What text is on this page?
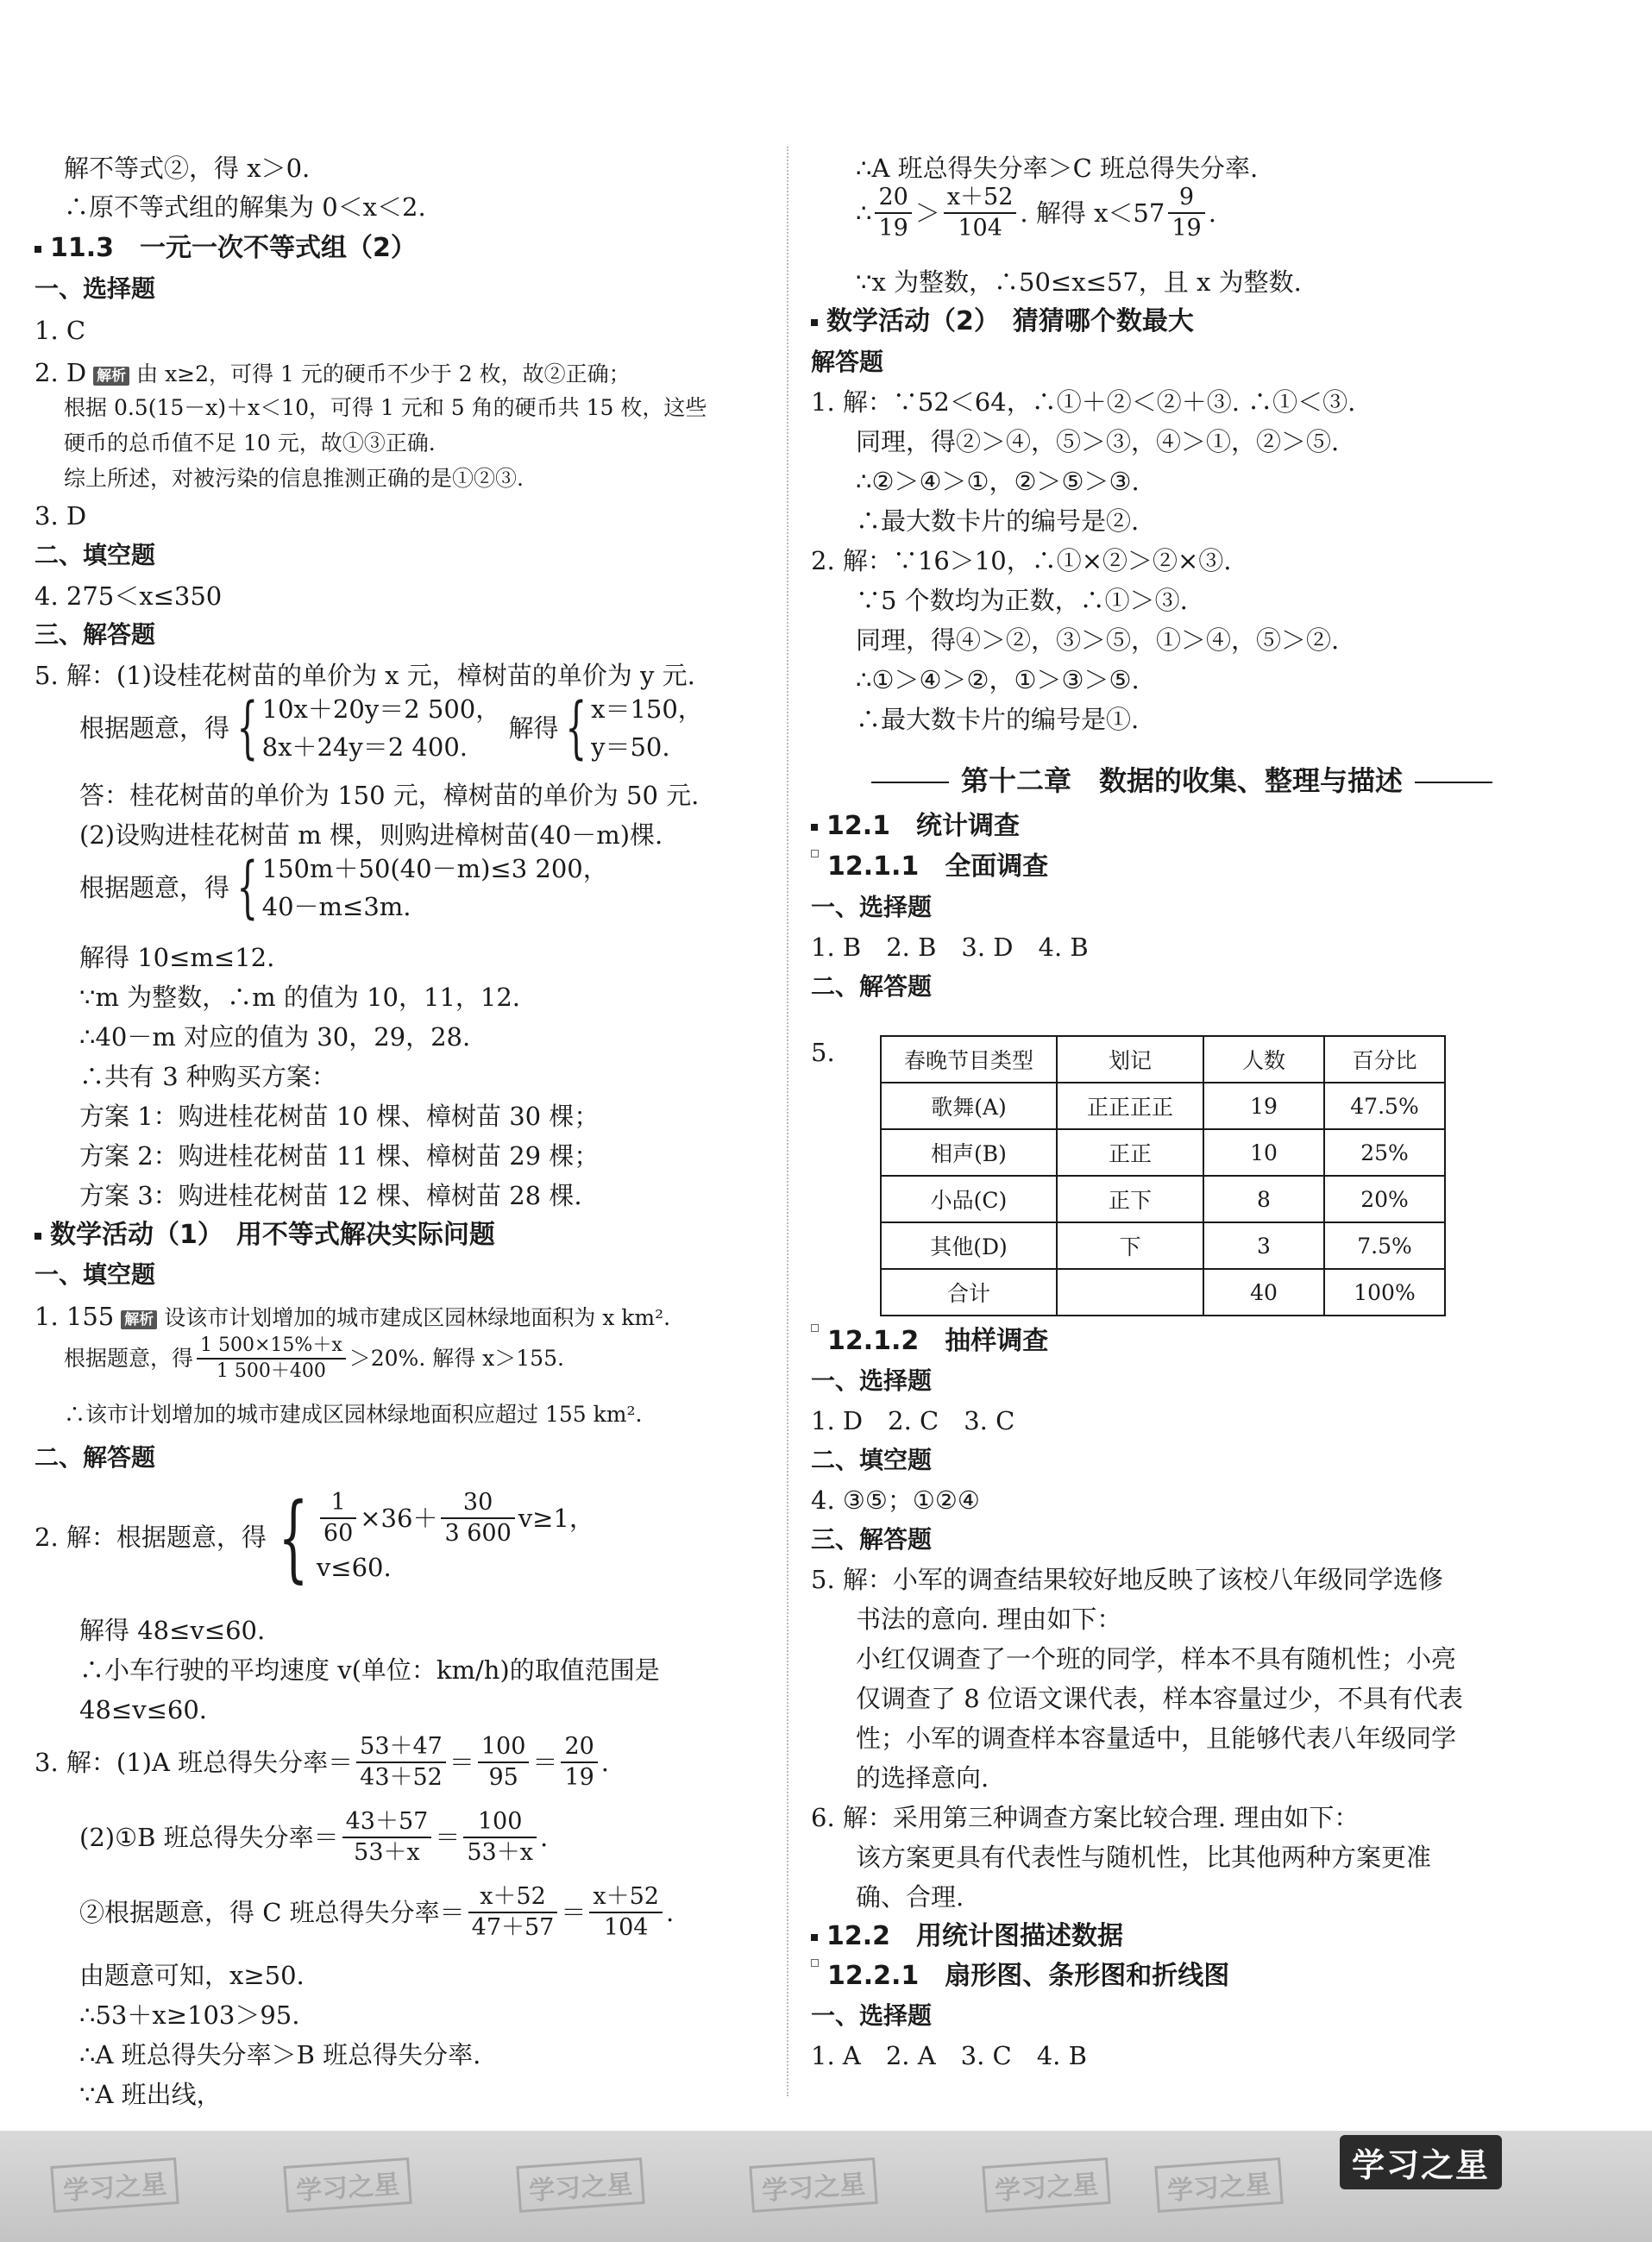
解不等式②，得 x＞0.
∴原不等式组的解集为 0＜x＜2.
11.3　一元一次不等式组（2）
一、选择题
1. C
2. D 解析 由 x≥2，可得 1 元的硬币不少于 2 枚，故②正确；
根据 0.5(15－x)＋x＜10，可得 1 元和 5 角的硬币共 15 枚，这些
硬币的总币值不足 10 元，故①③正确.
综上所述，对被污染的信息推测正确的是①②③.
3. D
二、填空题
4. 275＜x≤350
三、解答题
5. 解：(1)设桂花树苗的单价为 x 元，樟树苗的单价为 y 元.
根据题意，得 { 10x＋20y＝2 500，
8x＋24y＝2 400.
解得 { x＝150，
y＝50.
答：桂花树苗的单价为 150 元，樟树苗的单价为 50 元.
(2)设购进桂花树苗 m 棵，则购进樟树苗(40－m)棵.
根据题意，得 { 150m＋50(40－m)≤3 200，
40－m≤3m.
解得 10≤m≤12.
∵m 为整数，∴m 的值为 10，11，12.
∴40－m 对应的值为 30，29，28.
∴共有 3 种购买方案：
方案 1：购进桂花树苗 10 棵、樟树苗 30 棵；
方案 2：购进桂花树苗 11 棵、樟树苗 29 棵；
方案 3：购进桂花树苗 12 棵、樟树苗 28 棵.
数学活动（1）　用不等式解决实际问题
一、填空题
1. 155 解析 设该市计划增加的城市建成区园林绿地面积为 x km².
根据题意，得 $\frac{1 500\times 15\%+x}{1 500+400} >20\%$. 解得 x＞155.
∴该市计划增加的城市建成区园林绿地面积应超过 155 km².
二、解答题
2. 解：根据题意，得 { $\frac{1}{60} \times 36+ \frac{30}{3 600} v\ge 1$，
v≤60.
解得 48≤v≤60.
∴小车行驶的平均速度 v(单位：km/h)的取值范围是
48≤v≤60.
3. 解：(1)A 班总得失分率＝ $\frac{53+47}{43+52} = \frac{100}{95} = \frac{20}{19}$ .
(2)①B 班总得失分率＝ $\frac{43+57}{53+x} = \frac{100}{53+x}$ .
②根据题意，得 C 班总得失分率＝ $\frac{x+52}{47+57} = \frac{x+52}{104}$ .
由题意可知，x≥50.
∴53＋x≥103＞95.
∴A 班总得失分率＞B 班总得失分率.
∵A 班出线，
∴A 班总得失分率＞C 班总得失分率.
∴ $\frac{20}{19} > \frac{x+52}{104}$ . 解得 $x<57 \frac{9}{19}$ .
∵x 为整数，∴50≤x≤57，且 x 为整数.
数学活动（2）　猜猜哪个数最大
解答题
1. 解：∵52＜64，∴①＋②＜②＋③. ∴①＜③.
同理，得②＞④，⑤＞③，④＞①，②＞⑤.
∴②＞④＞①，②＞⑤＞③.
∴最大数卡片的编号是②.
2. 解：∵16＞10，∴①×②＞②×③.
∵5 个数均为正数，∴①＞③.
同理，得④＞②，③＞⑤，①＞④，⑤＞②.
∴①＞④＞②，①＞③＞⑤.
∴最大数卡片的编号是①.
第十二章　数据的收集、整理与描述
12.1　统计调查
12.1.1　全面调查
一、选择题
1. B　2. B　3. D　4. B
二、解答题
5.	春晚节目类型	划记	人数	百分比
歌舞(A)	正正正正	19	47.5%
相声(B)	正正	10	25%
小品(C)	正下	8	20%
其他(D)	下	3	7.5%
合计		40	100%
12.1.2　抽样调查
一、选择题
1. D　2. C　3. C
二、填空题
4. ③⑤；①②④
三、解答题
5. 解：小军的调查结果较好地反映了该校八年级同学选修
书法的意向. 理由如下：
小红仅调查了一个班的同学，样本不具有随机性；小亮
仅调查了 8 位语文课代表，样本容量过少，不具有代表
性；小军的调查样本容量适中，且能够代表八年级同学
的选择意向.
6. 解：采用第三种调查方案比较合理. 理由如下：
该方案更具有代表性与随机性，比其他两种方案更准
确、合理.
12.2　用统计图描述数据
12.2.1　扇形图、条形图和折线图
一、选择题
1. A　2. A　3. C　4. B
学习之星	学习之星	学习之星	学习之星	学习之星	学习之星
学习之星
